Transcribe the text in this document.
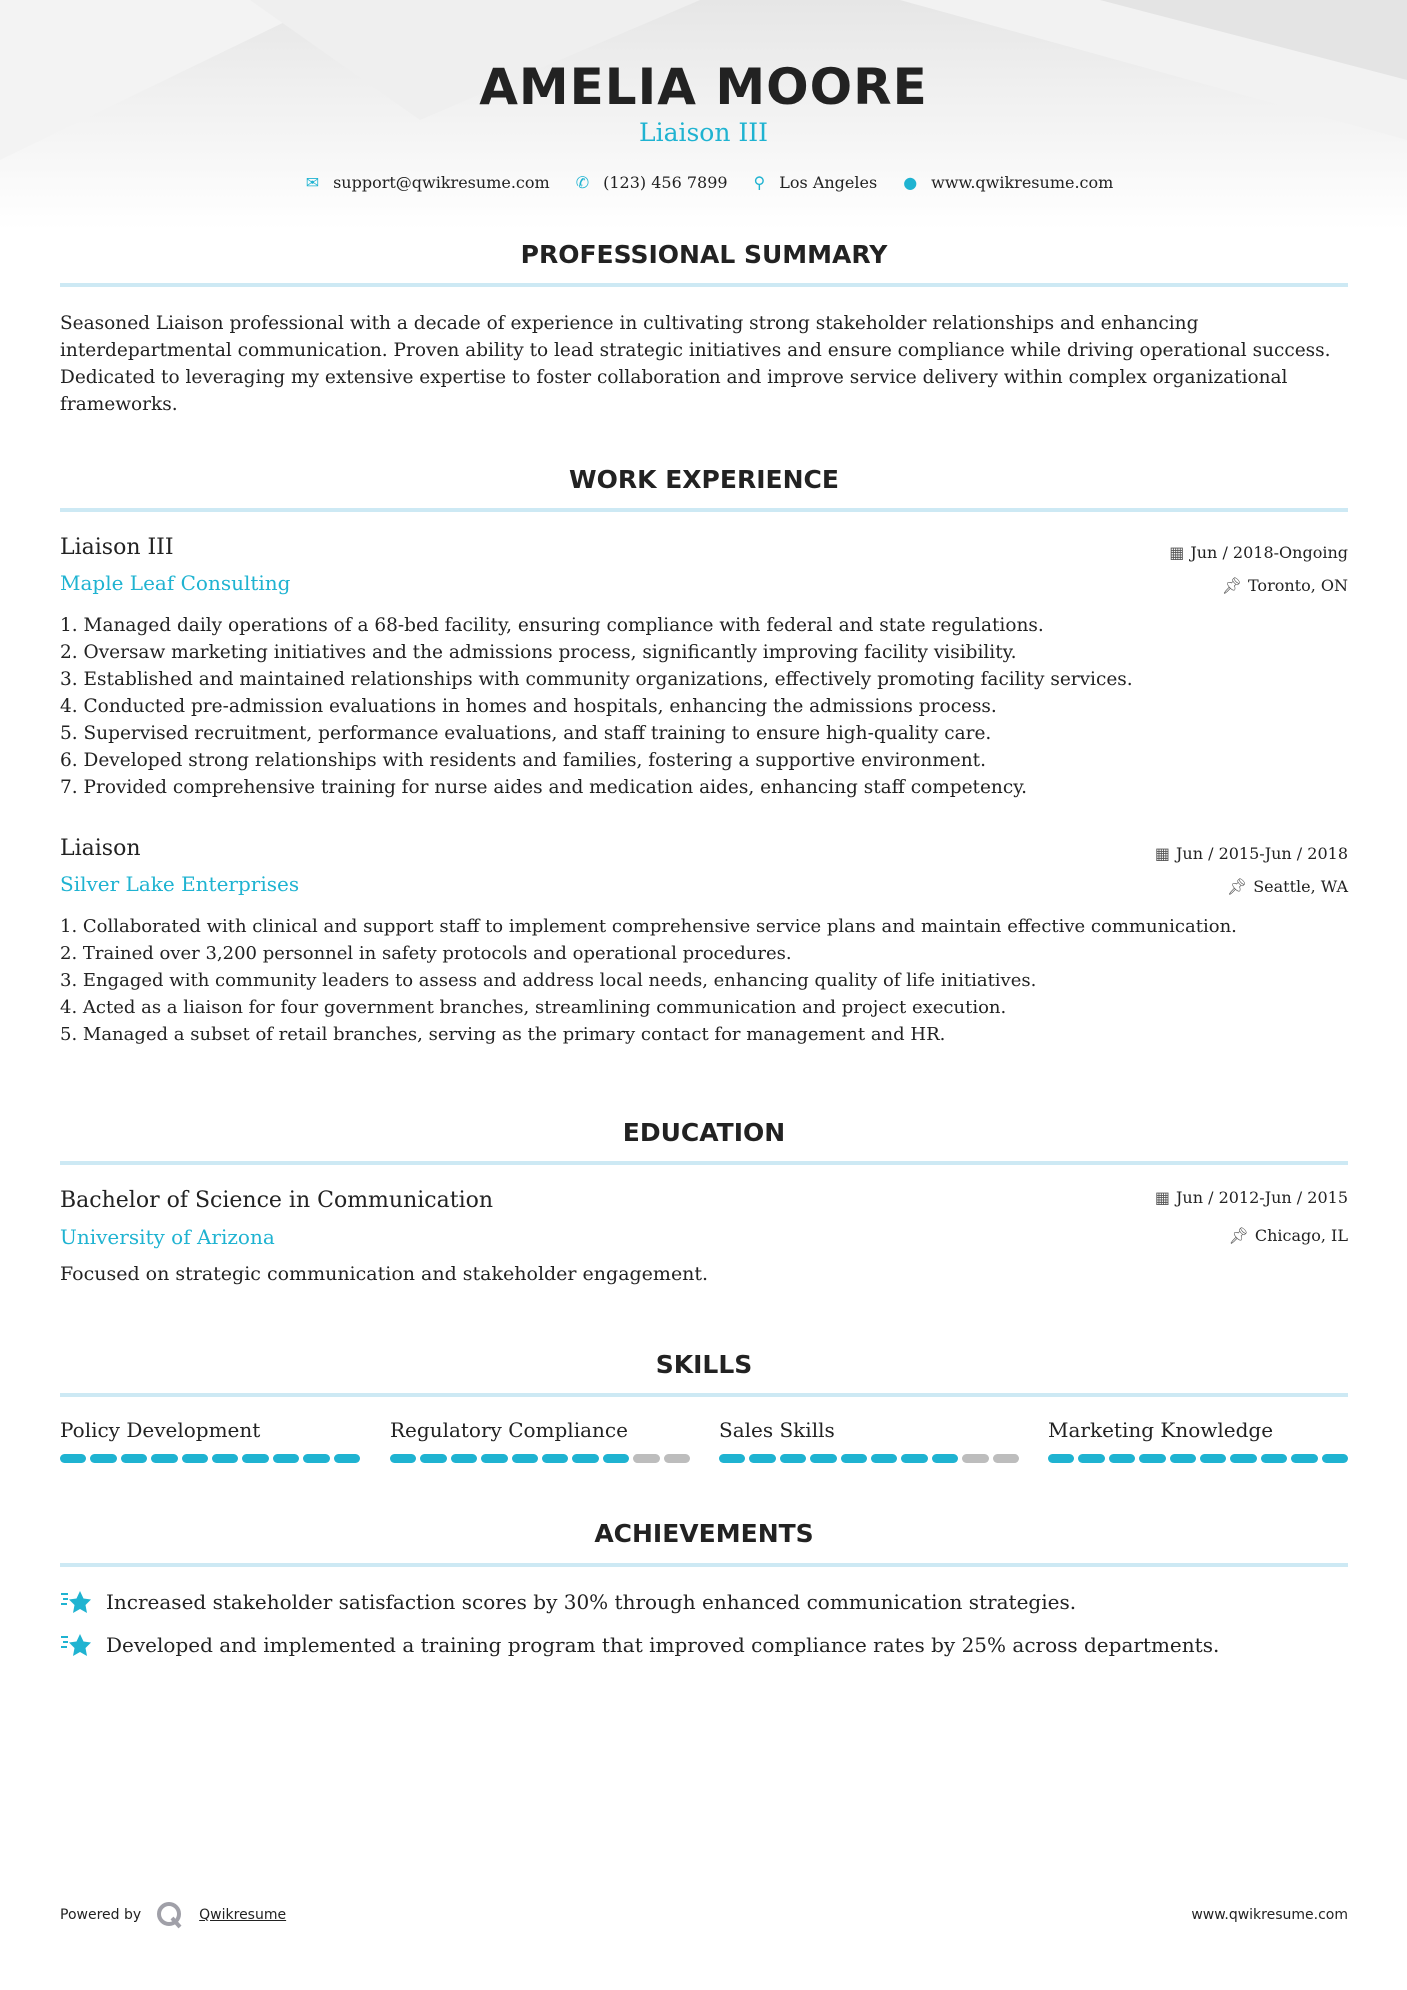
AMELIA MOORE
Liaison III
✉ support@qwikresume.com ✆ (123) 456 7899 ⚲ Los Angeles ● www.qwikresume.com
PROFESSIONAL SUMMARY
Seasoned Liaison professional with a decade of experience in cultivating strong stakeholder relationships and enhancing interdepartmental communication. Proven ability to lead strategic initiatives and ensure compliance while driving operational success. Dedicated to leveraging my extensive expertise to foster collaboration and improve service delivery within complex organizational frameworks.
WORK EXPERIENCE
Liaison III	▦ Jun / 2018-Ongoing
Maple Leaf Consulting	📌︎ Toronto, ON
1. Managed daily operations of a 68-bed facility, ensuring compliance with federal and state regulations.
2. Oversaw marketing initiatives and the admissions process, significantly improving facility visibility.
3. Established and maintained relationships with community organizations, effectively promoting facility services.
4. Conducted pre-admission evaluations in homes and hospitals, enhancing the admissions process.
5. Supervised recruitment, performance evaluations, and staff training to ensure high-quality care.
6. Developed strong relationships with residents and families, fostering a supportive environment.
7. Provided comprehensive training for nurse aides and medication aides, enhancing staff competency.
Liaison	▦ Jun / 2015-Jun / 2018
Silver Lake Enterprises	📌︎ Seattle, WA
1. Collaborated with clinical and support staff to implement comprehensive service plans and maintain effective communication.
2. Trained over 3,200 personnel in safety protocols and operational procedures.
3. Engaged with community leaders to assess and address local needs, enhancing quality of life initiatives.
4. Acted as a liaison for four government branches, streamlining communication and project execution.
5. Managed a subset of retail branches, serving as the primary contact for management and HR.
EDUCATION
Bachelor of Science in Communication	▦ Jun / 2012-Jun / 2015
University of Arizona	📌︎ Chicago, IL
Focused on strategic communication and stakeholder engagement.
SKILLS
Policy Development	Regulatory Compliance	Sales Skills	Marketing Knowledge
ACHIEVEMENTS
Increased stakeholder satisfaction scores by 30% through enhanced communication strategies.
Developed and implemented a training program that improved compliance rates by 25% across departments.
Powered by	Qwikresume	www.qwikresume.com
